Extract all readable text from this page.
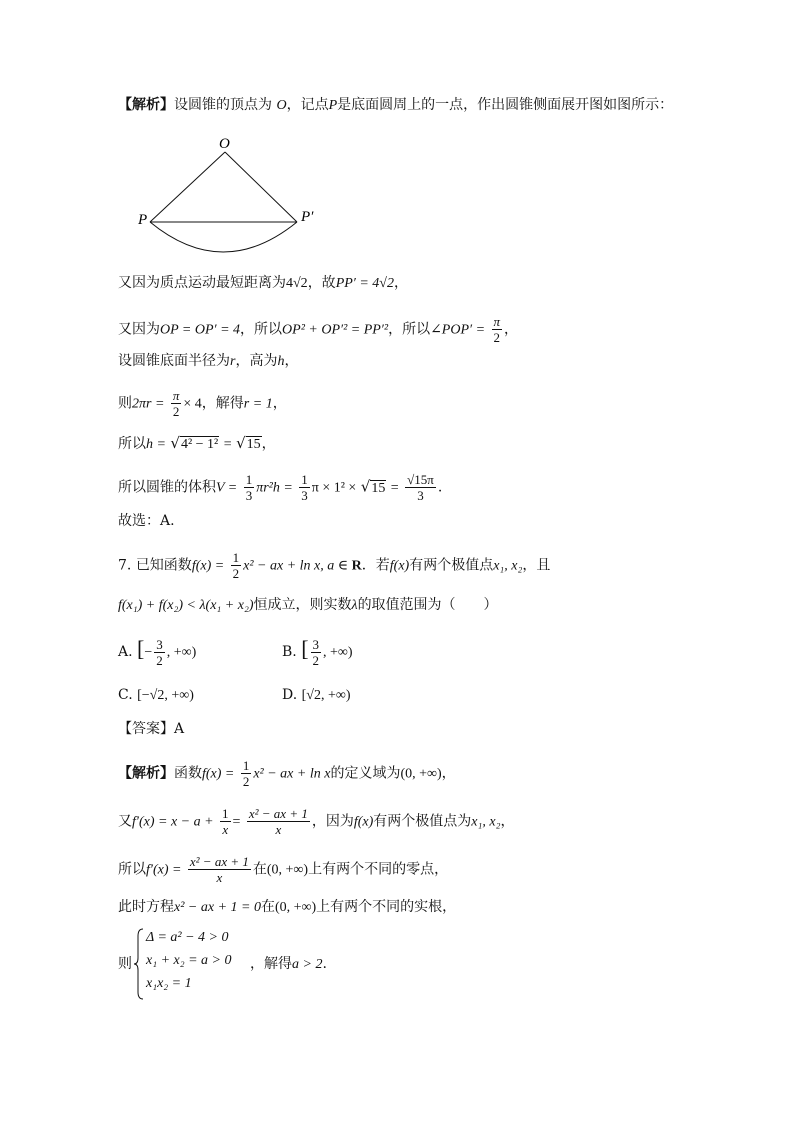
【解析】设圆锥的顶点为 O，记点P是底面圆周上的一点，作出圆锥侧面展开图如图所示：
O
P	P′
又因为质点运动最短距离为4√2，故PP′ = 4√2，
又因为OP = OP′ = 4，所以OP² + OP′² = PP′²，所以∠POP′ = $\frac{\pi}{2}$ ，
设圆锥底面半径为r，高为h，
则$2\pi r = \frac{\pi}{2} \times 4$，解得r = 1，
所以h = √4² − 1² = √15，
所以圆锥的体积$V = \frac{1}{3} \pi r^2h = \frac{1}{3}$ $\pi \times 1^2 \times √15 = \frac{√15\pi}{3}$ .
故选：A.
7. 已知函数$f(x) = \frac{1}{2} x^2$ − ax + ln x, a ∈ R．若f(x)有两个极值点x₁, x₂，且
f(x₁) + f(x₂) < λ(x₁ + x₂)恒成立，则实数λ的取值范围为（　　）
A. [− $\frac{3}{2}$ , +∞)	B. [ $\frac{3}{2}$ , +∞)
C. [−√2, +∞)	D. [√2, +∞)
【答案】A
【解析】函数$f(x) = \frac{1}{2} x^2$ − ax + ln x的定义域为(0, +∞)，
又$f'(x) = x - a + \frac{1}{x} = \frac{\text{x² − ax + 1}}{x}$ ，因为f(x)有两个极值点为x₁, x₂，
所以$f'(x) = \frac{\text{x² − ax + 1}}{x}$ 在(0, +∞)上有两个不同的零点，
此时方程x² − ax + 1 = 0在(0, +∞)上有两个不同的实根，
则
Δ = a² − 4 > 0
x₁ + x₂ = a > 0
x₁x₂ = 1
，解得a > 2.
